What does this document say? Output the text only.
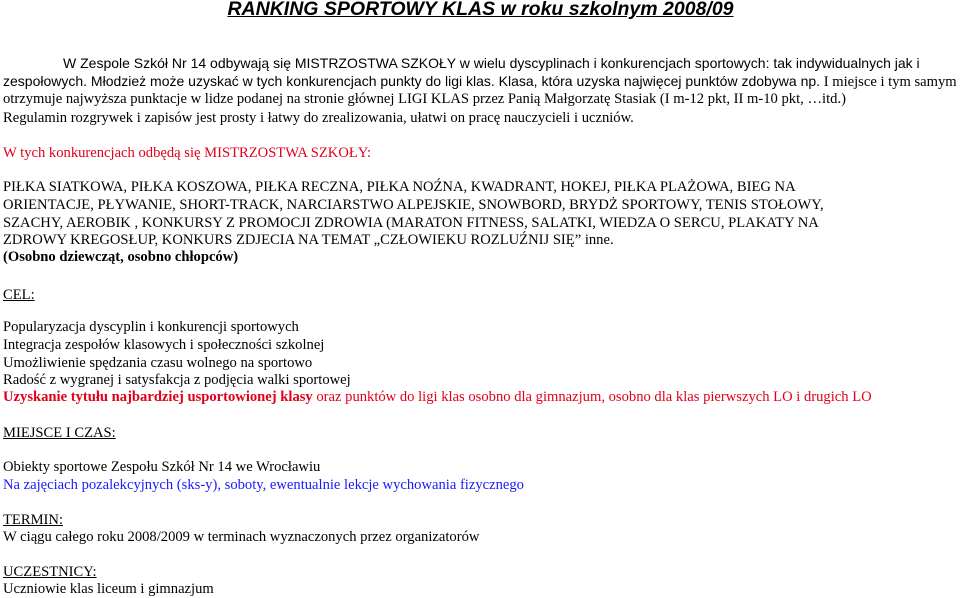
RANKING SPORTOWY KLAS w roku szkolnym 2008/09
W Zespole Szkół Nr 14 odbywają się MISTRZOSTWA SZKOŁY w wielu dyscyplinach i konkurencjach sportowych: tak indywidualnych jak i
zespołowych. Młodzież może uzyskać w tych konkurencjach punkty do ligi klas. Klasa, która uzyska najwięcej punktów zdobywa np. I miejsce i tym samym
otrzymuje najwyższa punktacje w lidze podanej na stronie głównej LIGI KLAS przez Panią Małgorzatę Stasiak (I m-12 pkt, II m-10 pkt, …itd.)
Regulamin rozgrywek i zapisów jest prosty i łatwy do zrealizowania, ułatwi on pracę nauczycieli i uczniów.
W tych konkurencjach odbędą się MISTRZOSTWA SZKOŁY:
PIŁKA SIATKOWA, PIŁKA KOSZOWA, PIŁKA RECZNA, PIŁKA NOŹNA, KWADRANT, HOKEJ, PIŁKA PLAŻOWA, BIEG NA
ORIENTACJE, PŁYWANIE, SHORT-TRACK, NARCIARSTWO ALPEJSKIE, SNOWBORD, BRYDŻ SPORTOWY, TENIS STOŁOWY,
SZACHY, AEROBIK , KONKURSY Z PROMOCJI ZDROWIA (MARATON FITNESS, SALATKI, WIEDZA O SERCU, PLAKATY NA
ZDROWY KREGOSŁUP, KONKURS ZDJECIA NA TEMAT „CZŁOWIEKU ROZLUŹNIJ SIĘ” inne.
(Osobno dziewcząt, osobno chłopców)
CEL:
Popularyzacja dyscyplin i konkurencji sportowych
Integracja zespołów klasowych i społeczności szkolnej
Umożliwienie spędzania czasu wolnego na sportowo
Radość z wygranej i satysfakcja z podjęcia walki sportowej
Uzyskanie tytułu najbardziej usportowionej klasy oraz punktów do ligi klas osobno dla gimnazjum, osobno dla klas pierwszych LO i drugich LO
MIEJSCE I CZAS:
Obiekty sportowe Zespołu Szkół Nr 14 we Wrocławiu
Na zajęciach pozalekcyjnych (sks-y), soboty, ewentualnie lekcje wychowania fizycznego
TERMIN:
W ciągu całego roku 2008/2009 w terminach wyznaczonych przez organizatorów
UCZESTNICY:
Uczniowie klas liceum i gimnazjum
